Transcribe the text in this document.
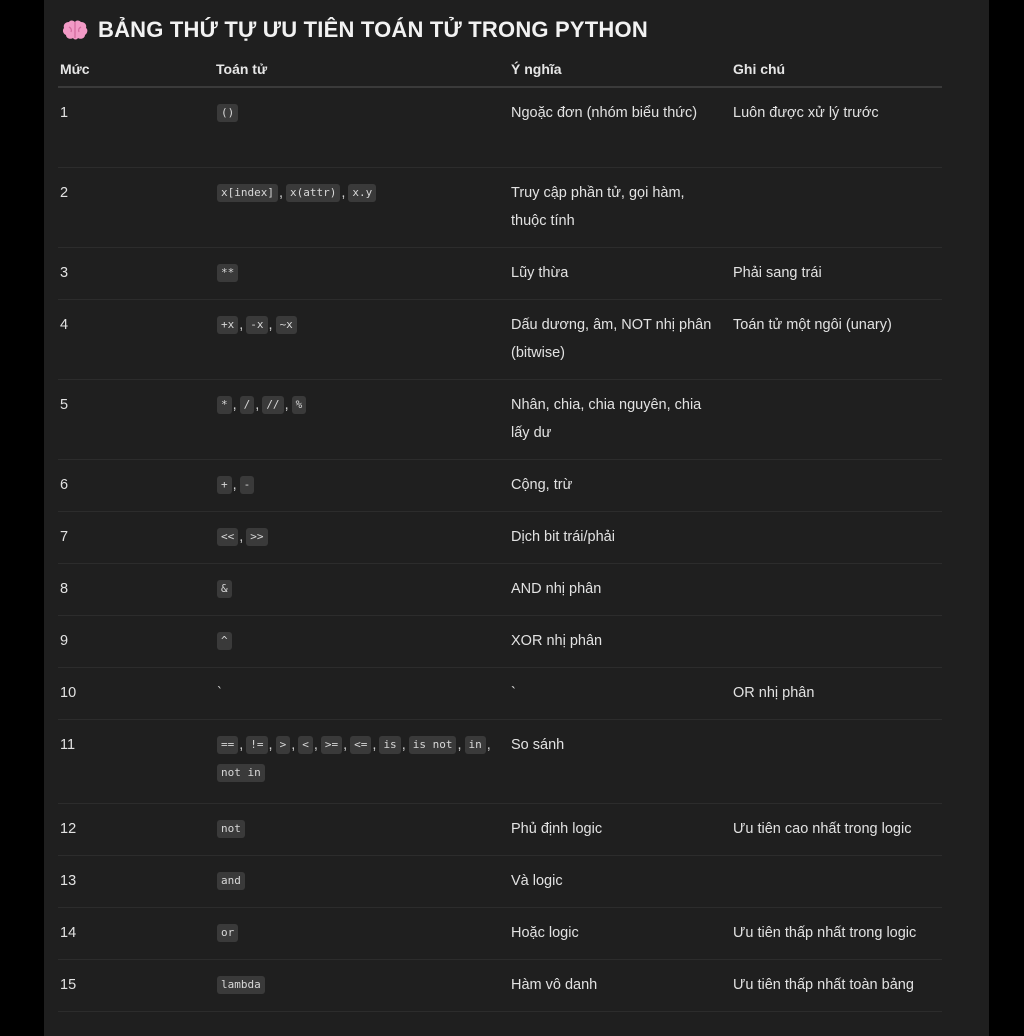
BẢNG THỨ TỰ ƯU TIÊN TOÁN TỬ TRONG PYTHON
Mức	Toán tử	Ý nghĩa	Ghi chú
1	()	Ngoặc đơn (nhóm biểu thức)	Luôn được xử lý trước
2	x[index] , x(attr) , x.y	Truy cập phần tử, gọi hàm, thuộc tính	
3	**	Lũy thừa	Phải sang trái
4	+x , -x , ~x	Dấu dương, âm, NOT nhị phân (bitwise)	Toán tử một ngôi (unary)
5	* , / , // , %	Nhân, chia, chia nguyên, chia lấy dư	
6	+ , -	Cộng, trừ	
7	<< , >>	Dịch bit trái/phải	
8	&	AND nhị phân	
9	^	XOR nhị phân	
10	`	`	OR nhị phân
11	== , != , > , < , >= , <= , is , is not , in ,not in	So sánh	
12	not	Phủ định logic	Ưu tiên cao nhất trong logic
13	and	Và logic	
14	or	Hoặc logic	Ưu tiên thấp nhất trong logic
15	lambda	Hàm vô danh	Ưu tiên thấp nhất toàn bảng
